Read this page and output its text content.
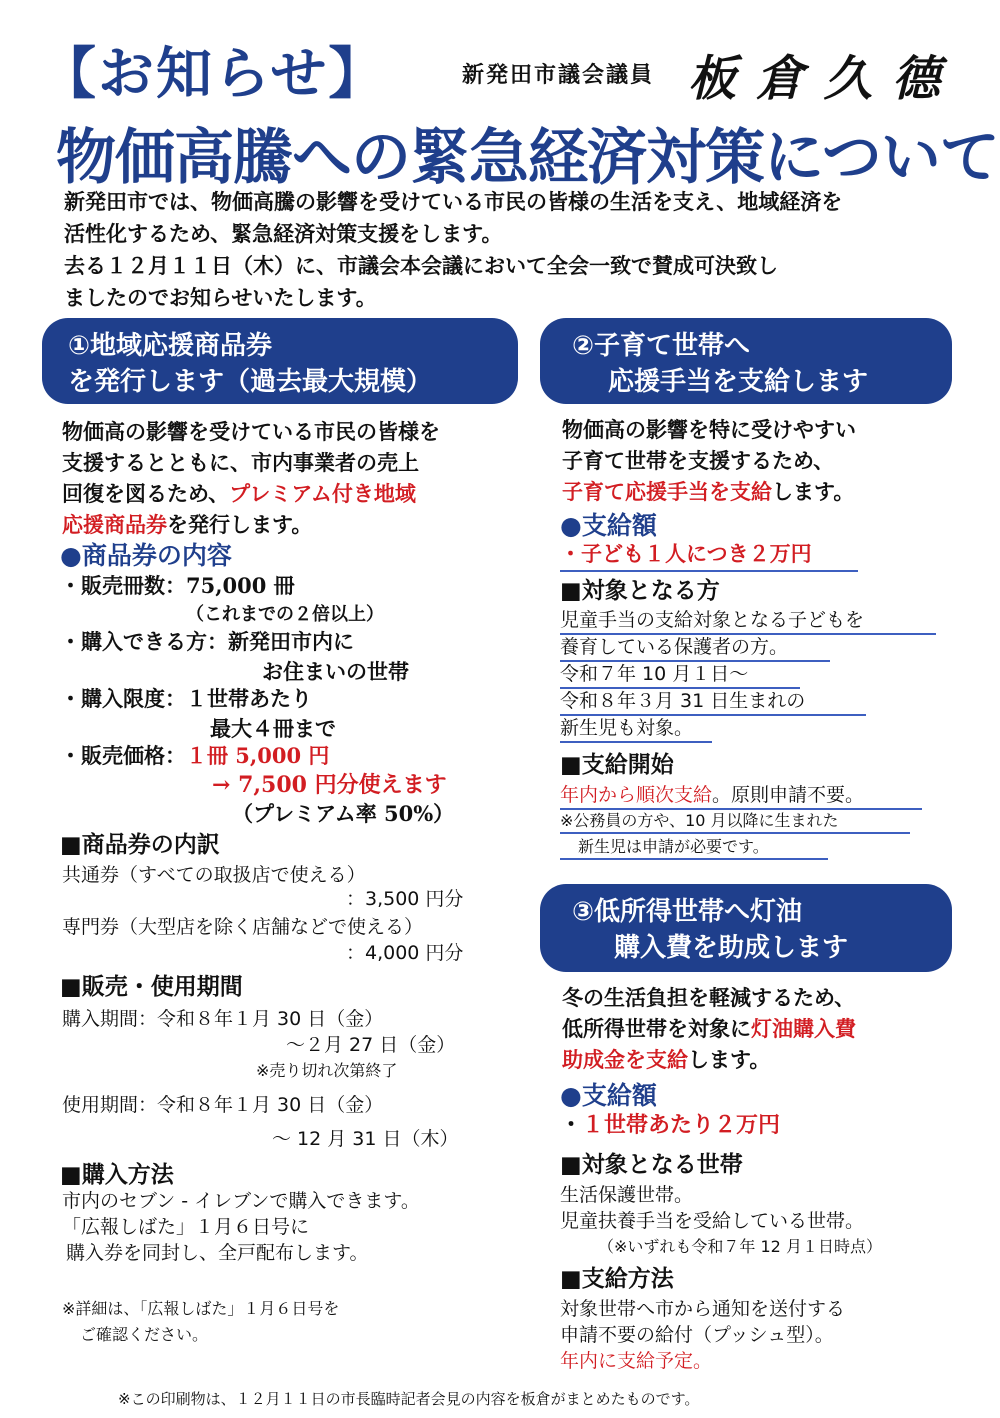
【お知らせ】	新発田市議会議員 板倉久德
物価高騰への緊急経済対策について

新発田市では、物価高騰の影響を受けている市民の皆様の生活を支え、地域経済を

活性化するため、緊急経済対策支援をします。

去る１２月１１日（木）に、市議会本会議において全会一致で賛成可決致し

ましたのでお知らせいたします。

①地域応援商品券
を発行します（過去最大規模）
物価高の影響を受けている市民の皆様を
支援するとともに、市内事業者の売上
回復を図るため、プレミアム付き地域
応援商品券を発行します。
●商品券の内容
・販売冊数：75,000 冊
（これまでの２倍以上）
・購入できる方：新発田市内に
お住まいの世帯
・購入限度：１世帯あたり
最大４冊まで
・販売価格：１冊 5,000 円
→ 7,500 円分使えます
（プレミアム率 50%）
■商品券の内訳
共通券（すべての取扱店で使える）
：3,500 円分
専門券（大型店を除く店舗などで使える）
：4,000 円分
■販売・使用期間
購入期間：令和８年１月 30 日（金）
～２月 27 日（金）
※売り切れ次第終了
使用期間：令和８年１月 30 日（金）
～ 12 月 31 日（木）
■購入方法
市内のセブン - イレブンで購入できます。
「広報しばた」１月６日号に
購入券を同封し、全戸配布します。
※詳細は、「広報しばた」１月６日号を
ご確認ください。
②子育て世帯へ
応援手当を支給します
物価高の影響を特に受けやすい
子育て世帯を支援するため、
子育て応援手当を支給します。
●支給額
・子ども１人につき２万円
■対象となる方
児童手当の支給対象となる子どもを
養育している保護者の方。
令和７年 10 月１日～
令和８年３月 31 日生まれの
新生児も対象。
■支給開始
年内から順次支給。原則申請不要。
※公務員の方や、10 月以降に生まれた
新生児は申請が必要です。
③低所得世帯へ灯油
購入費を助成します
冬の生活負担を軽減するため、
低所得世帯を対象に灯油購入費
助成金を支給します。
●支給額
・１世帯あたり２万円
■対象となる世帯
生活保護世帯。
児童扶養手当を受給している世帯。
（※いずれも令和７年 12 月１日時点）
■支給方法
対象世帯へ市から通知を送付する
申請不要の給付（プッシュ型）。
年内に支給予定。
※この印刷物は、１２月１１日の市長臨時記者会見の内容を板倉がまとめたものです。
